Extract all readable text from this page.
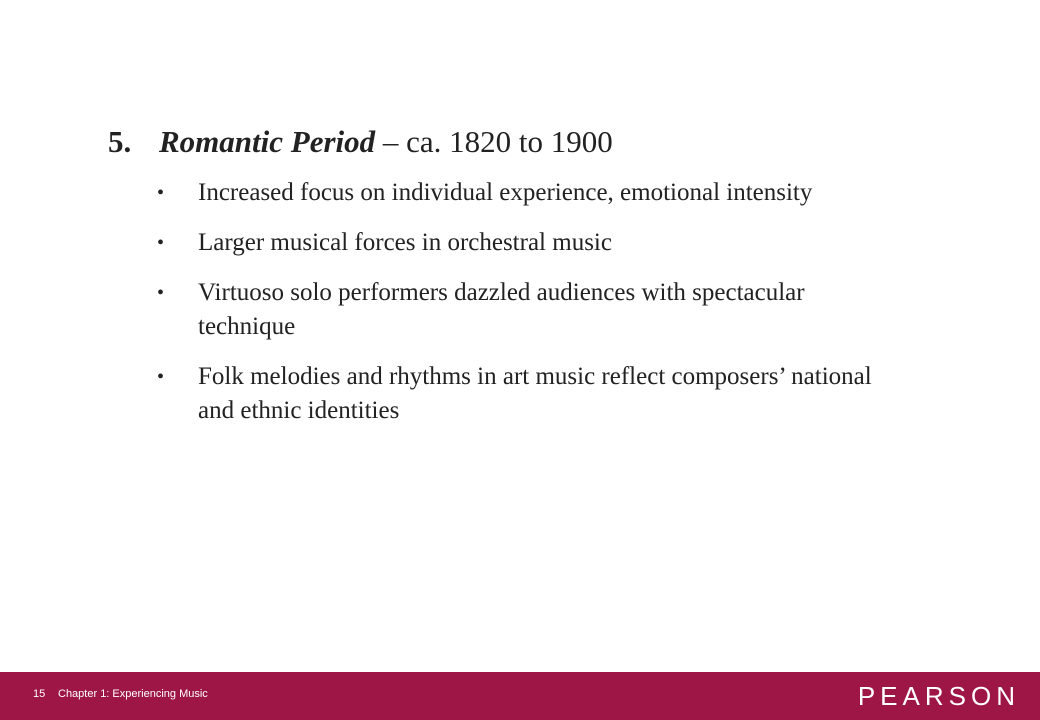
5. Romantic Period – ca. 1820 to 1900
• Increased focus on individual experience, emotional intensity
• Larger musical forces in orchestral music
• Virtuoso solo performers dazzled audiences with spectacular technique
• Folk melodies and rhythms in art music reflect composers’ national and ethnic identities
15 Chapter 1: Experiencing Music	PEARSON
